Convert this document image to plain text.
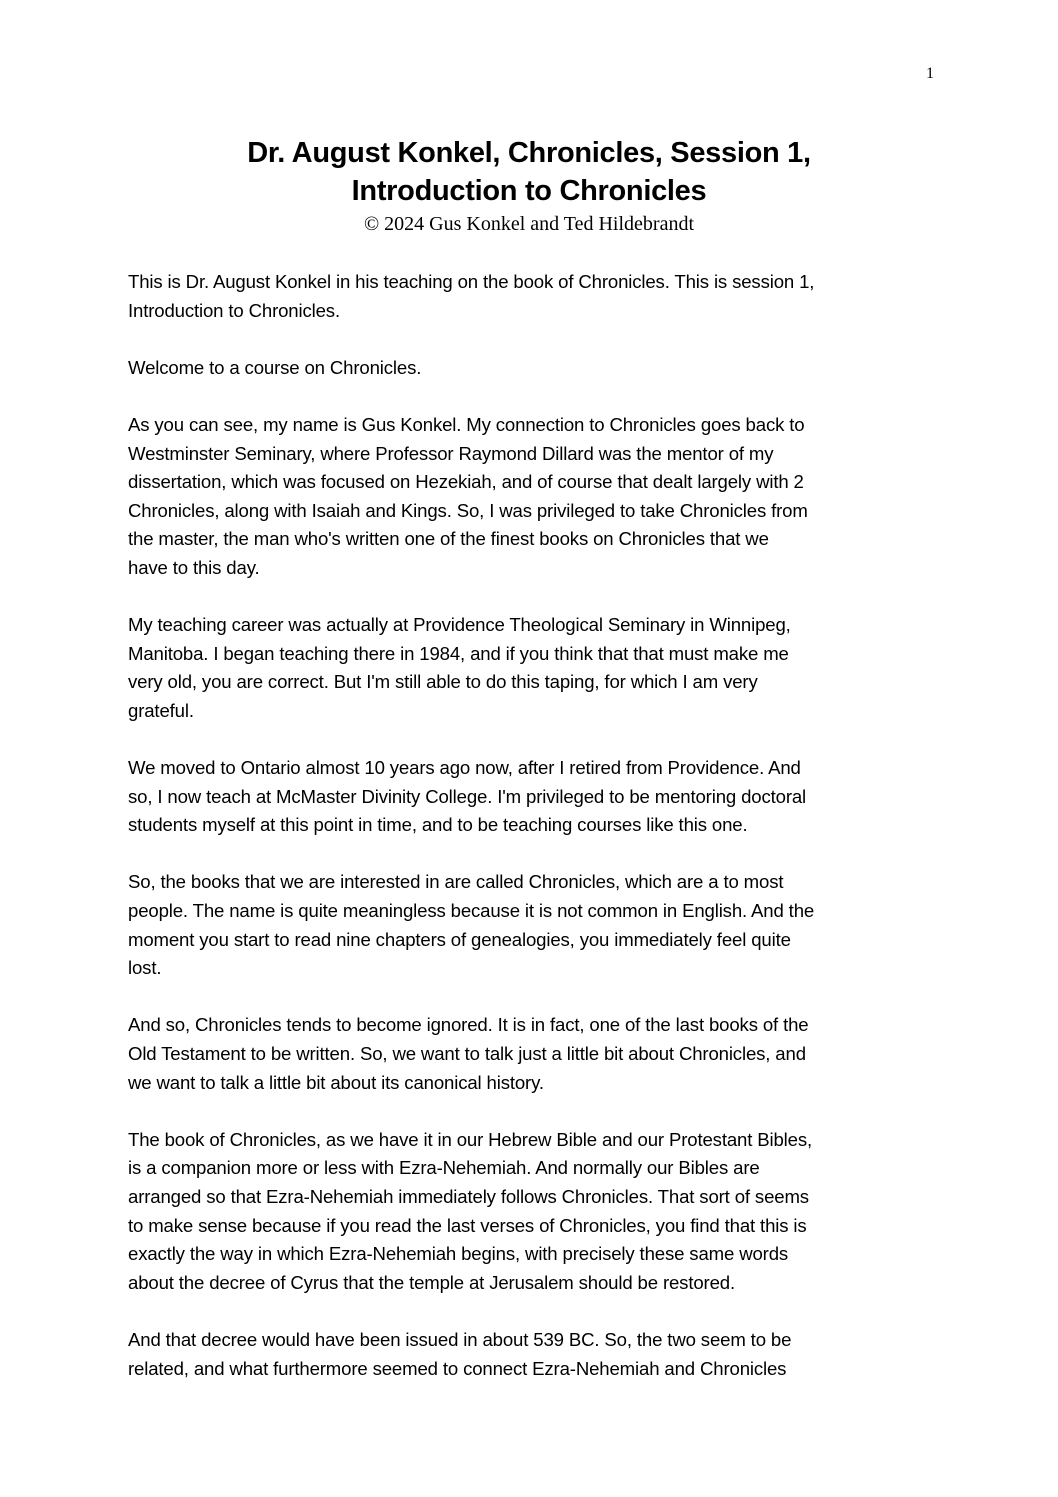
1
Dr. August Konkel, Chronicles, Session 1,
Introduction to Chronicles
© 2024 Gus Konkel and Ted Hildebrandt
This is Dr. August Konkel in his teaching on the book of Chronicles. This is session 1,
Introduction to Chronicles.
Welcome to a course on Chronicles.
As you can see, my name is Gus Konkel. My connection to Chronicles goes back to
Westminster Seminary, where Professor Raymond Dillard was the mentor of my
dissertation, which was focused on Hezekiah, and of course that dealt largely with 2
Chronicles, along with Isaiah and Kings. So, I was privileged to take Chronicles from
the master, the man who's written one of the finest books on Chronicles that we
have to this day.
My teaching career was actually at Providence Theological Seminary in Winnipeg,
Manitoba. I began teaching there in 1984, and if you think that that must make me
very old, you are correct. But I'm still able to do this taping, for which I am very
grateful.
We moved to Ontario almost 10 years ago now, after I retired from Providence. And
so, I now teach at McMaster Divinity College. I'm privileged to be mentoring doctoral
students myself at this point in time, and to be teaching courses like this one.
So, the books that we are interested in are called Chronicles, which are a to most
people. The name is quite meaningless because it is not common in English. And the
moment you start to read nine chapters of genealogies, you immediately feel quite
lost.
And so, Chronicles tends to become ignored. It is in fact, one of the last books of the
Old Testament to be written. So, we want to talk just a little bit about Chronicles, and
we want to talk a little bit about its canonical history.
The book of Chronicles, as we have it in our Hebrew Bible and our Protestant Bibles,
is a companion more or less with Ezra-Nehemiah. And normally our Bibles are
arranged so that Ezra-Nehemiah immediately follows Chronicles. That sort of seems
to make sense because if you read the last verses of Chronicles, you find that this is
exactly the way in which Ezra-Nehemiah begins, with precisely these same words
about the decree of Cyrus that the temple at Jerusalem should be restored.
And that decree would have been issued in about 539 BC. So, the two seem to be
related, and what furthermore seemed to connect Ezra-Nehemiah and Chronicles
